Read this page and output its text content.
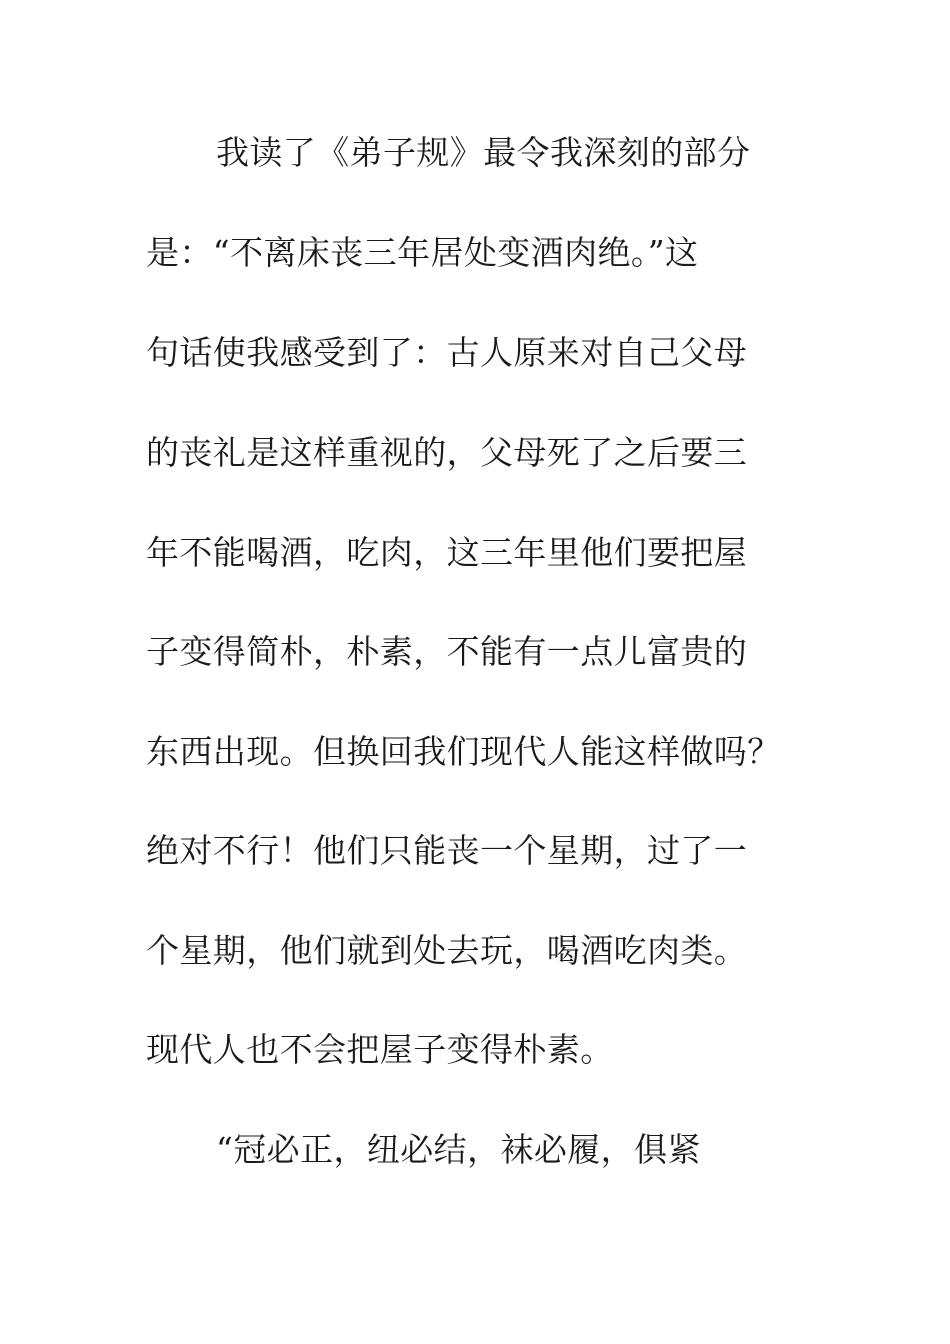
我读了《弟子规》最令我深刻的部分
是：“不离床丧三年居处变酒肉绝。”这
句话使我感受到了：古人原来对自己父母
的丧礼是这样重视的，父母死了之后要三
年不能喝酒，吃肉，这三年里他们要把屋
子变得简朴，朴素，不能有一点儿富贵的
东西出现。但换回我们现代人能这样做吗？
绝对不行！他们只能丧一个星期，过了一
个星期，他们就到处去玩，喝酒吃肉类。
现代人也不会把屋子变得朴素。
“冠必正，纽必结，袜必履，俱紧
